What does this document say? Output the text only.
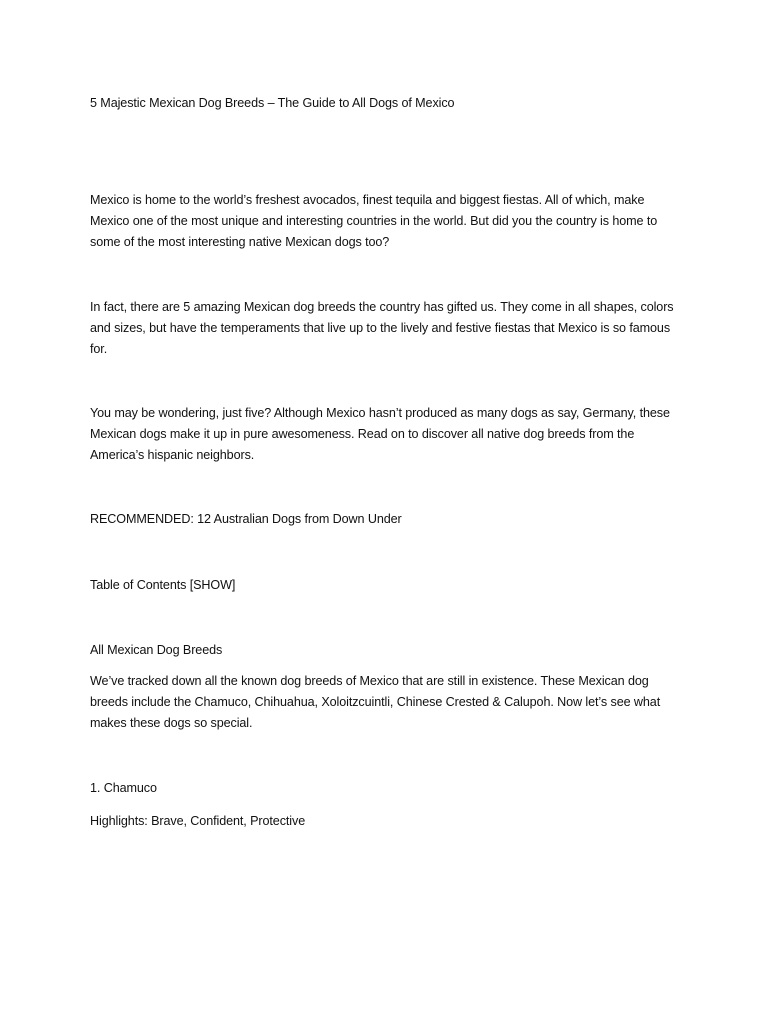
5 Majestic Mexican Dog Breeds – The Guide to All Dogs of Mexico

Mexico is home to the world’s freshest avocados, finest tequila and biggest fiestas. All of which, make Mexico one of the most unique and interesting countries in the world. But did you the country is home to some of the most interesting native Mexican dogs too?

In fact, there are 5 amazing Mexican dog breeds the country has gifted us. They come in all shapes, colors and sizes, but have the temperaments that live up to the lively and festive fiestas that Mexico is so famous for.

You may be wondering, just five? Although Mexico hasn’t produced as many dogs as say, Germany, these Mexican dogs make it up in pure awesomeness. Read on to discover all native dog breeds from the America’s hispanic neighbors.

RECOMMENDED: 12 Australian Dogs from Down Under

Table of Contents [SHOW]

All Mexican Dog Breeds

We’ve tracked down all the known dog breeds of Mexico that are still in existence. These Mexican dog breeds include the Chamuco, Chihuahua, Xoloitzcuintli, Chinese Crested & Calupoh. Now let’s see what makes these dogs so special.

1. Chamuco

Highlights: Brave, Confident, Protective
